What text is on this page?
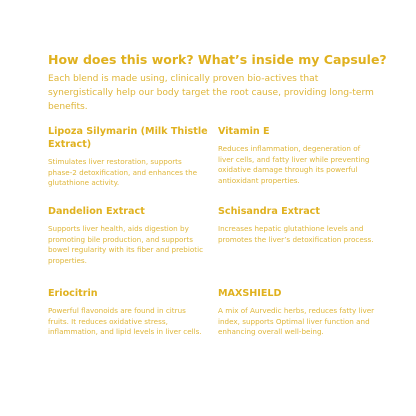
How does this work? What’s inside my Capsule?

Each blend is made using, clinically proven bio-actives that synergistically help our body target the root cause, providing long-term benefits.

Lipoza Silymarin (Milk Thistle Extract)

Stimulates liver restoration, supports phase-2 detoxification, and enhances the glutathione activity.

Vitamin E

Reduces inflammation, degeneration of liver cells, and fatty liver while preventing oxidative damage through its powerful antioxidant properties.

Dandelion Extract

Supports liver health, aids digestion by promoting bile production, and supports bowel regularity with its fiber and prebiotic properties.

Schisandra Extract

Increases hepatic glutathione levels and promotes the liver’s detoxification process.

Eriocitrin

Powerful flavonoids are found in citrus fruits. It reduces oxidative stress, inflammation, and lipid levels in liver cells.

MAXSHIELD

A mix of Aurvedic herbs, reduces fatty liver index, supports Optimal liver function and enhancing overall well-being.
